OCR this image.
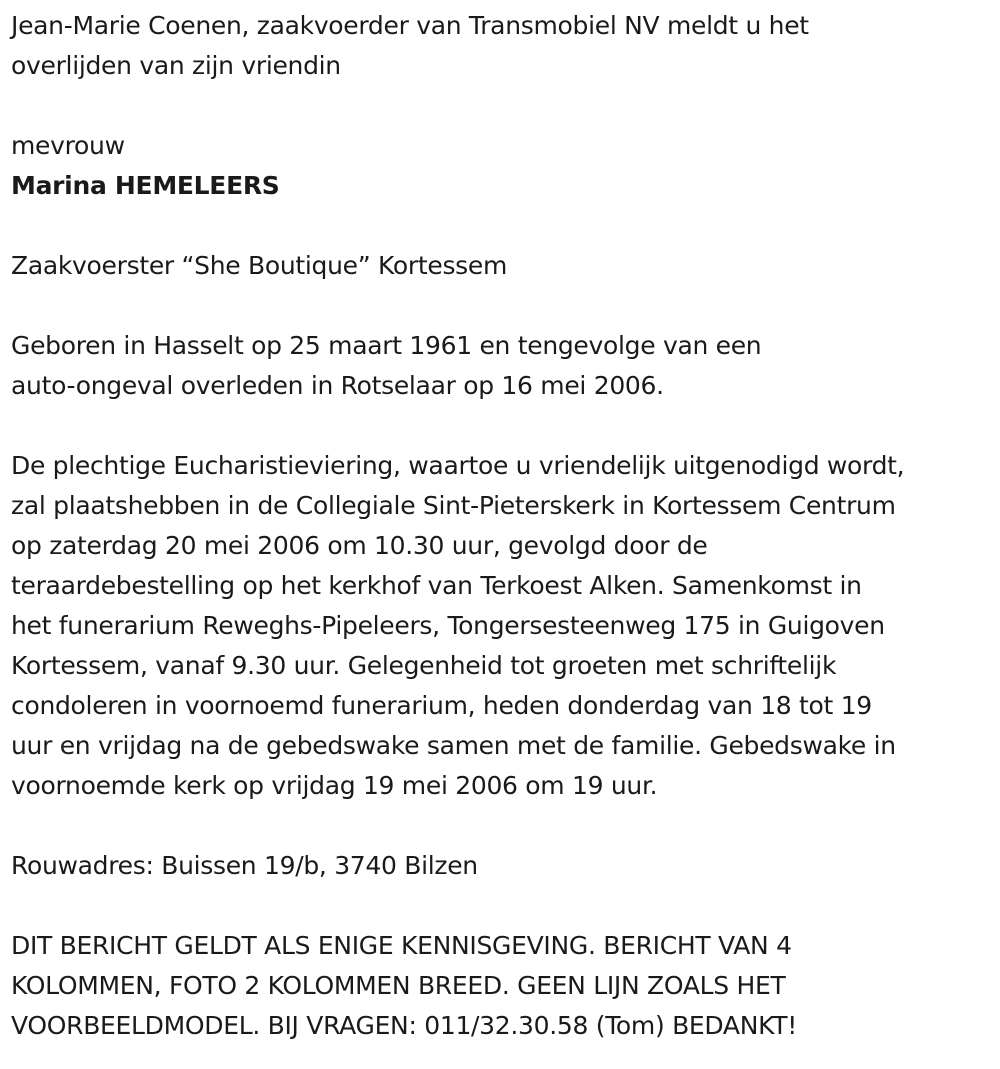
Jean-Marie Coenen, zaakvoerder van Transmobiel NV meldt u het
overlijden van zijn vriendin

mevrouw

Marina HEMELEERS

Zaakvoerster “She Boutique” Kortessem

Geboren in Hasselt op 25 maart 1961 en tengevolge van een
auto-ongeval overleden in Rotselaar op 16 mei 2006.

De plechtige Eucharistieviering, waartoe u vriendelijk uitgenodigd wordt,
zal plaatshebben in de Collegiale Sint-Pieterskerk in Kortessem Centrum
op zaterdag 20 mei 2006 om 10.30 uur, gevolgd door de
teraardebestelling op het kerkhof van Terkoest Alken. Samenkomst in
het funerarium Reweghs-Pipeleers, Tongersesteenweg 175 in Guigoven
Kortessem, vanaf 9.30 uur. Gelegenheid tot groeten met schriftelijk
condoleren in voornoemd funerarium, heden donderdag van 18 tot 19
uur en vrijdag na de gebedswake samen met de familie. Gebedswake in
voornoemde kerk op vrijdag 19 mei 2006 om 19 uur.

Rouwadres: Buissen 19/b, 3740 Bilzen

DIT BERICHT GELDT ALS ENIGE KENNISGEVING. BERICHT VAN 4
KOLOMMEN, FOTO 2 KOLOMMEN BREED. GEEN LIJN ZOALS HET
VOORBEELDMODEL. BIJ VRAGEN: 011/32.30.58 (Tom) BEDANKT!
